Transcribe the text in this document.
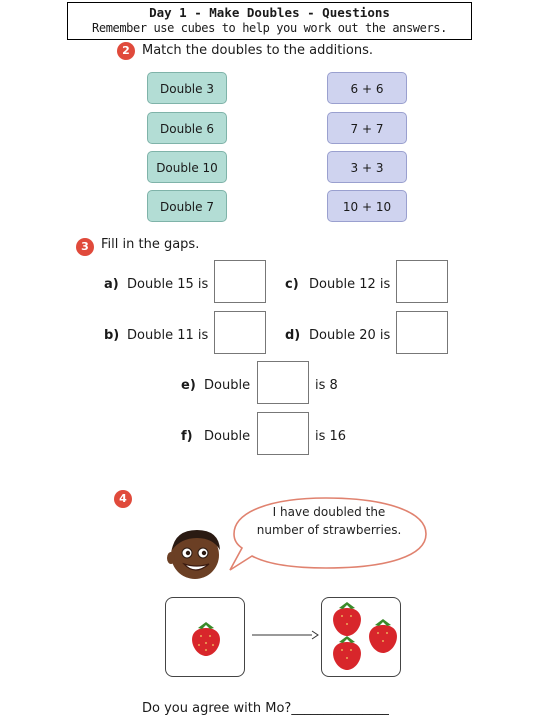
Day 1 - Make Doubles - Questions
Remember use cubes to help you work out the answers.
2 Match the doubles to the additions.
Double 3
Double 6
Double 10
Double 7
6 + 6
7 + 7
3 + 3
10 + 10
3 Fill in the gaps.
a) Double 15 is	c) Double 12 is
b) Double 11 is	d) Double 20 is
e) Double	is 8
f) Double	is 16
4
I have doubled the
number of strawberries.
Do you agree with Mo?_______________
